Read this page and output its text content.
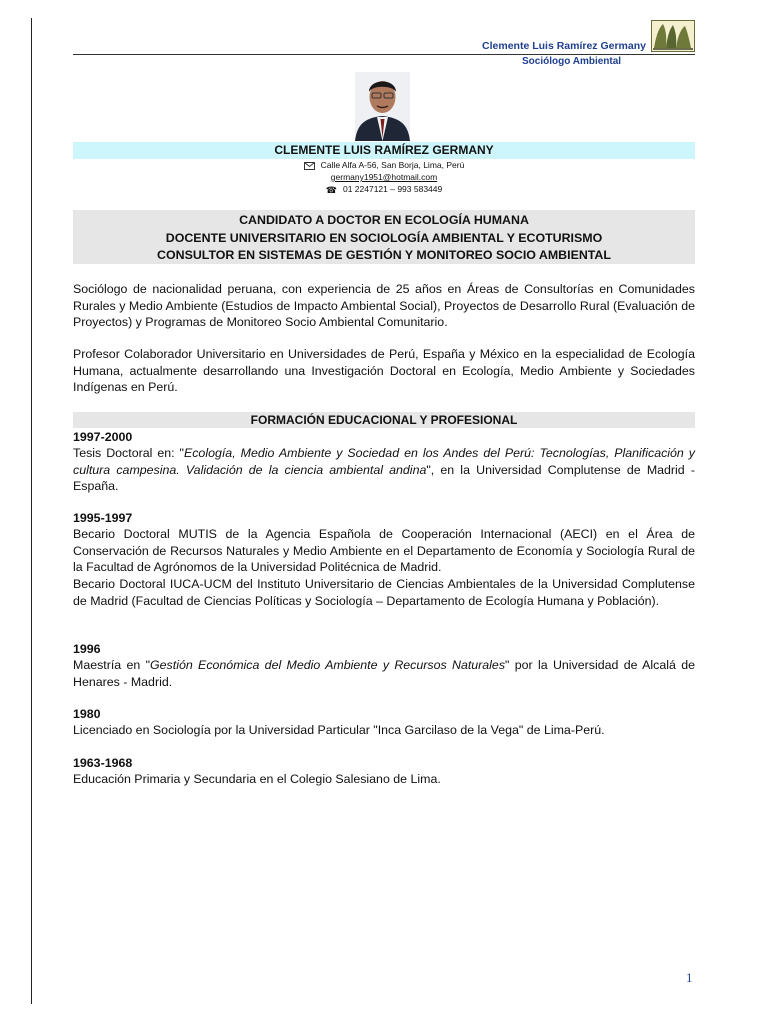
Clemente Luis Ramírez Germany
Sociólogo Ambiental
CLEMENTE LUIS RAMÍREZ GERMANY
Calle Alfa A-56, San Borja, Lima, Perú
germany1951@hotmail.com
☎ 01 2247121 – 993 583449
CANDIDATO A DOCTOR EN ECOLOGÍA HUMANA
DOCENTE UNIVERSITARIO EN SOCIOLOGÍA AMBIENTAL Y ECOTURISMO
CONSULTOR EN SISTEMAS DE GESTIÓN Y MONITOREO SOCIO AMBIENTAL
Sociólogo de nacionalidad peruana, con experiencia de 25 años en Áreas de Consultorías en Comunidades Rurales y Medio Ambiente (Estudios de Impacto Ambiental Social), Proyectos de Desarrollo Rural (Evaluación de Proyectos) y Programas de Monitoreo Socio Ambiental Comunitario.
Profesor Colaborador Universitario en Universidades de Perú, España y México en la especialidad de Ecología Humana, actualmente desarrollando una Investigación Doctoral en Ecología, Medio Ambiente y Sociedades Indígenas en Perú.
FORMACIÓN EDUCACIONAL Y PROFESIONAL
1997-2000
Tesis Doctoral en: "Ecología, Medio Ambiente y Sociedad en los Andes del Perú: Tecnologías, Planificación y cultura campesina. Validación de la ciencia ambiental andina", en la Universidad Complutense de Madrid - España.
1995-1997
Becario Doctoral MUTIS de la Agencia Española de Cooperación Internacional (AECI) en el Área de Conservación de Recursos Naturales y Medio Ambiente en el Departamento de Economía y Sociología Rural de la Facultad de Agrónomos de la Universidad Politécnica de Madrid.
Becario Doctoral IUCA-UCM del Instituto Universitario de Ciencias Ambientales de la Universidad Complutense de Madrid (Facultad de Ciencias Políticas y Sociología – Departamento de Ecología Humana y Población).
1996
Maestría en "Gestión Económica del Medio Ambiente y Recursos Naturales" por la Universidad de Alcalá de Henares - Madrid.
1980
Licenciado en Sociología por la Universidad Particular "Inca Garcilaso de la Vega" de Lima-Perú.
1963-1968
Educación Primaria y Secundaria en el Colegio Salesiano de Lima.
1
